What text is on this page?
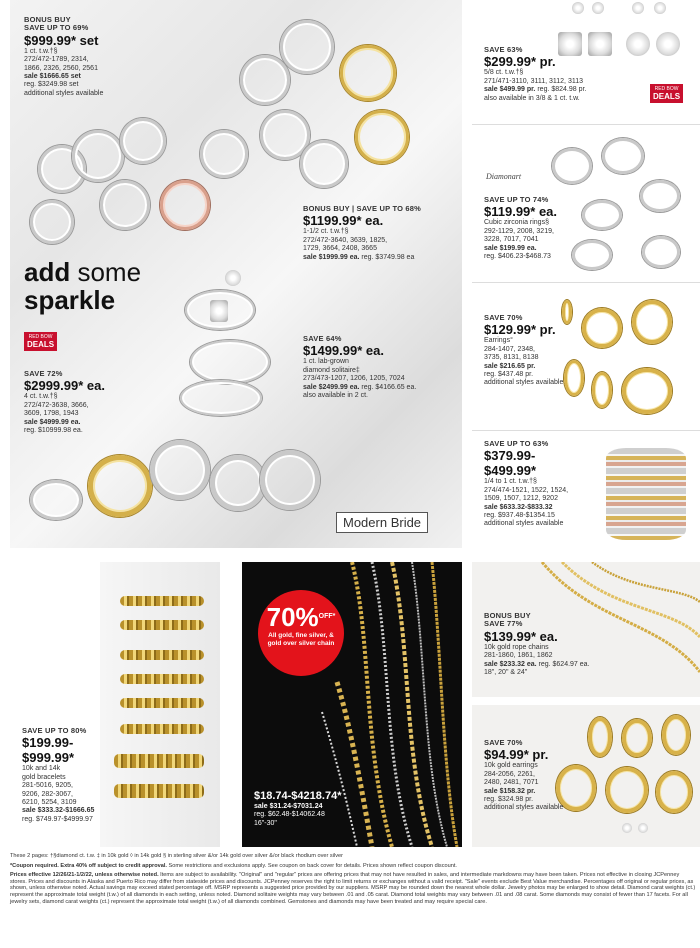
BONUS BUY
SAVE UP TO 69%
$999.99* set
1 ct. t.w.†§
272/472-1789, 2314,
1866, 2326, 2560, 2561
sale $1666.65 set
reg. $3249.98 set
additional styles available
BONUS BUY | SAVE UP TO 68%
$1199.99* ea.
1-1/2 ct. t.w.†§
272/472-3640, 3639, 1825,
1729, 3664, 2408, 3665
sale $1999.99 ea. reg. $3749.98 ea
add some
sparkle
RED BOW
DEALS
SAVE 72%
$2999.99* ea.
4 ct. t.w.†§
272/472-3638, 3666,
3609, 1798, 1943
sale $4999.99 ea.
reg. $10999.98 ea.
SAVE 64%
$1499.99* ea.
1 ct. lab-grown
diamond solitaire‡
273/473-1207, 1206, 1205, 7024
sale $2499.99 ea. reg. $4166.65 ea.
also available in 2 ct.
Modern Bride
SAVE 63%
$299.99* pr.
5/8 ct. t.w.†§
271/471-3110, 3111, 3112, 3113
sale $499.99 pr. reg. $824.98 pr.
also available in 3/8 & 1 ct. t.w.
RED BOW
DEALS
Diamonart
SAVE UP TO 74%
$119.99* ea.
Cubic zirconia rings§
292-1129, 2008, 3219,
3228, 7017, 7041
sale $199.99 ea.
reg. $406.23-$468.73
SAVE 70%
$129.99* pr.
Earrings°
284-1407, 2348,
3735, 8131, 8138
sale $216.65 pr.
reg. $437.48 pr.
additional styles available
SAVE UP TO 63%
$379.99-
$499.99*
1/4 to 1 ct. t.w.†§
274/474-1521, 1522, 1524,
1509, 1507, 1212, 9202
sale $633.32-$833.32
reg. $937.48-$1354.15
additional styles available
SAVE UP TO 80%
$199.99-
$999.99*
10k and 14k
gold bracelets
281-5016, 9205,
9206, 282-3067,
6210, 5254, 3109
sale $333.32-$1666.65
reg. $749.97-$4999.97
70%$^{OFF*}$
All gold, fine silver, & gold over silver chain
$18.74-$4218.74*
sale $31.24-$7031.24
reg. $62.48-$14062.48
16"-30"
BONUS BUY
SAVE 77%
$139.99* ea.
10k gold rope chains
281-1860, 1861, 1862
sale $233.32 ea. reg. $624.97 ea.
18", 20" & 24"
SAVE 70%
$94.99* pr.
10k gold earrings
284-2056, 2261,
2480, 2481, 7071
sale $158.32 pr.
reg. $324.98 pr.
additional styles available
These 2 pages: †§diamond ct. t.w. ‡ in 10k gold ◊ in 14k gold § in sterling silver &/or 14k gold over silver &/or black rhodium over silver
*Coupon required. Extra 40% off subject to credit approval. Some restrictions and exclusions apply. See coupon on back cover for details. Prices shown reflect coupon discount.
Prices effective 12/26/21-1/2/22, unless otherwise noted. Items are subject to availability. "Original" and "regular" prices are offering prices that may not have resulted in sales, and intermediate markdowns may have been taken. Prices not effective in closing JCPenney stores. Prices and discounts in Alaska and Puerto Rico may differ from stateside prices and discounts. JCPenney reserves the right to limit returns or exchanges without a valid receipt. "Sale" events exclude Best Value merchandise. Percentages off original or regular prices, as shown, unless otherwise noted. Actual savings may exceed stated percentage off. MSRP represents a suggested price provided by our suppliers. MSRP may be rounded down the nearest whole dollar. Jewelry photos may be enlarged to show detail. Diamond carat weights (ct.) represent the approximate total weight (t.w.) of all diamonds in each setting, unless noted. Diamond solitaire weights may vary between .01 and .05 carat. Diamond total weights may vary between .01 and .08 carat. Some diamonds may consist of fewer than 17 facets. For all jewelry sets, diamond carat weights (ct.) represent the approximate total weight (t.w.) of all diamonds combined. Gemstones and diamonds may have been treated and may require special care.
